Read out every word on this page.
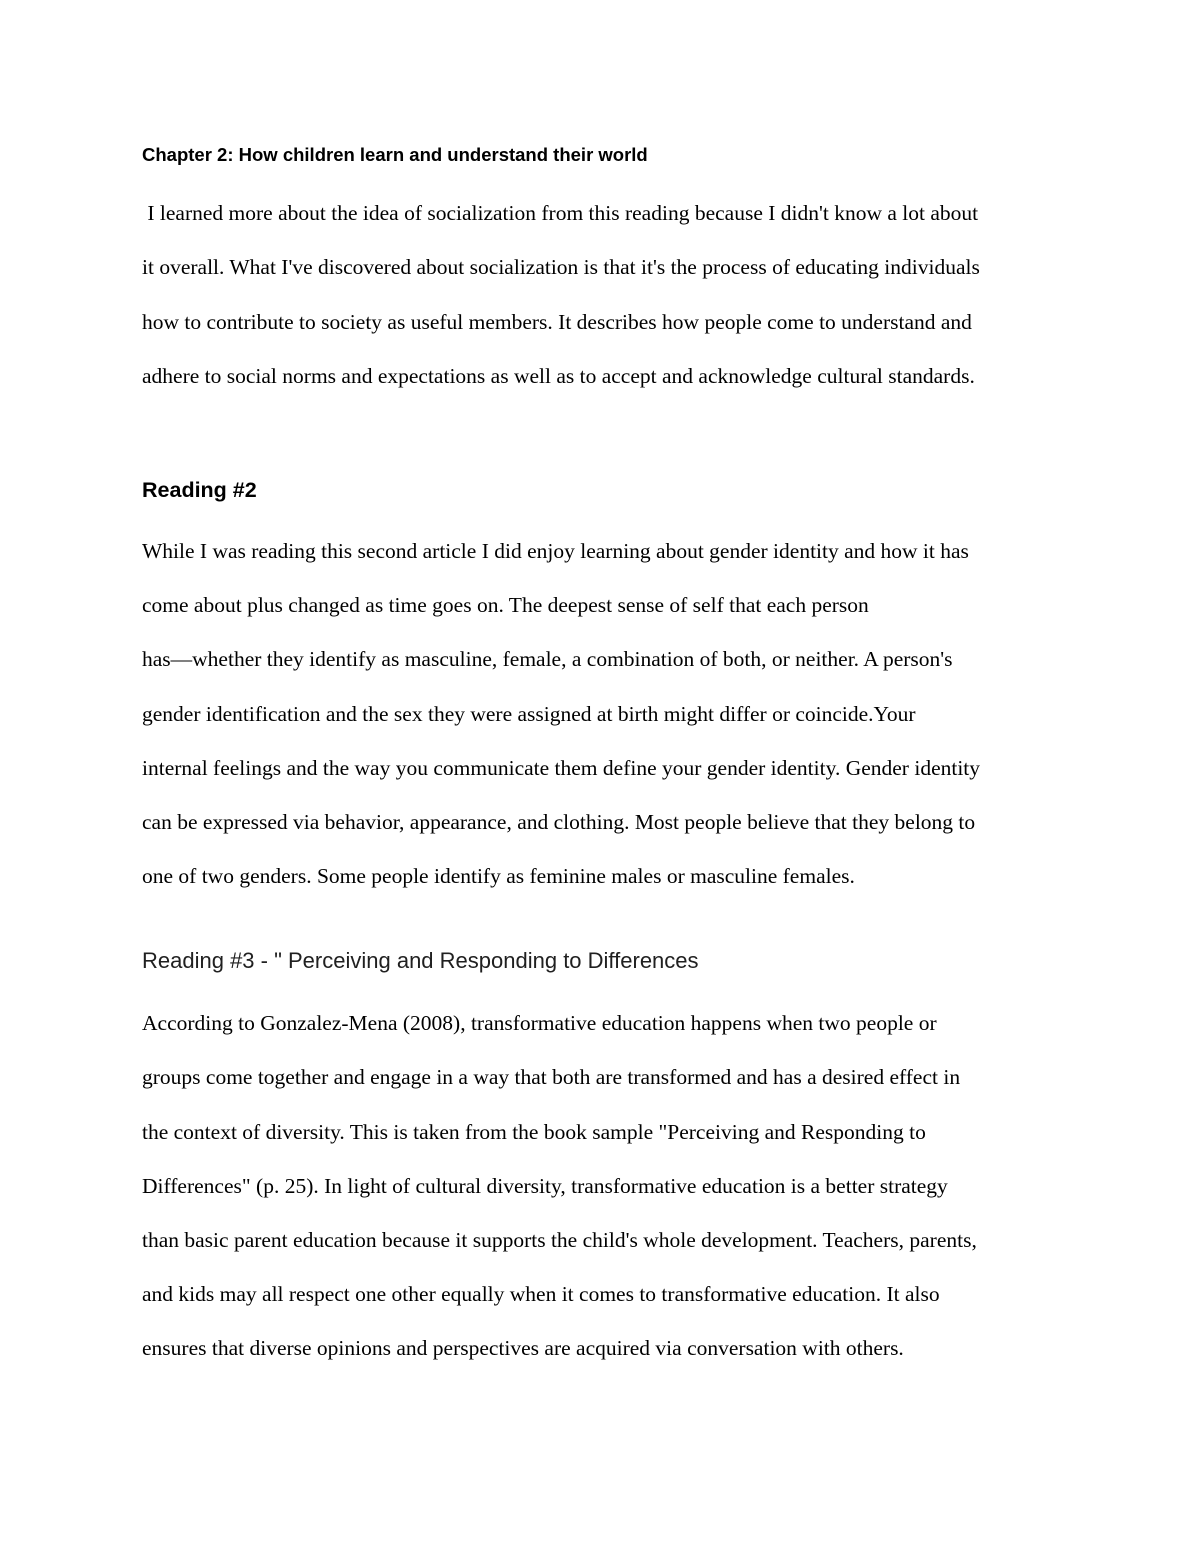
Chapter 2: How children learn and understand their world

I learned more about the idea of socialization from this reading because I didn't know a lot about

it overall. What I've discovered about socialization is that it's the process of educating individuals

how to contribute to society as useful members. It describes how people come to understand and

adhere to social norms and expectations as well as to accept and acknowledge cultural standards.

Reading #2

While I was reading this second article I did enjoy learning about gender identity and how it has

come about plus changed as time goes on. The deepest sense of self that each person

has—whether they identify as masculine, female, a combination of both, or neither. A person's

gender identification and the sex they were assigned at birth might differ or coincide.Your

internal feelings and the way you communicate them define your gender identity. Gender identity

can be expressed via behavior, appearance, and clothing. Most people believe that they belong to

one of two genders. Some people identify as feminine males or masculine females.

Reading #3 - " Perceiving and Responding to Differences

According to Gonzalez-Mena (2008), transformative education happens when two people or

groups come together and engage in a way that both are transformed and has a desired effect in

the context of diversity. This is taken from the book sample "Perceiving and Responding to

Differences" (p. 25). In light of cultural diversity, transformative education is a better strategy

than basic parent education because it supports the child's whole development. Teachers, parents,

and kids may all respect one other equally when it comes to transformative education. It also

ensures that diverse opinions and perspectives are acquired via conversation with others.
